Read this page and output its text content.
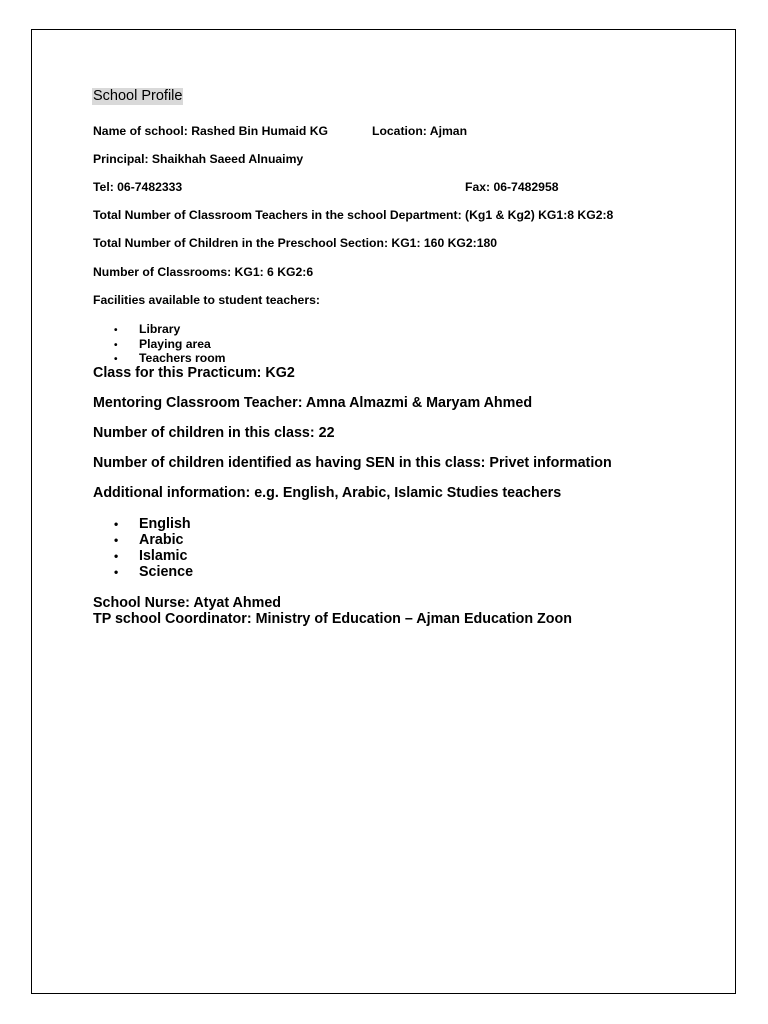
School Profile
Name of school: Rashed Bin Humaid KG	Location: Ajman
Principal: Shaikhah Saeed Alnuaimy
Tel: 06-7482333	Fax: 06-7482958
Total Number of Classroom Teachers in the school Department: (Kg1 & Kg2) KG1:8 KG2:8
Total Number of Children in the Preschool Section: KG1: 160 KG2:180
Number of Classrooms: KG1: 6 KG2:6
Facilities available to student teachers:
• Library
• Playing area
• Teachers room
Class for this Practicum: KG2
Mentoring Classroom Teacher: Amna Almazmi & Maryam Ahmed
Number of children in this class: 22
Number of children identified as having SEN in this class: Privet information
Additional information: e.g. English, Arabic, Islamic Studies teachers
• English
• Arabic
• Islamic
• Science
School Nurse: Atyat Ahmed
TP school Coordinator: Ministry of Education – Ajman Education Zoon
